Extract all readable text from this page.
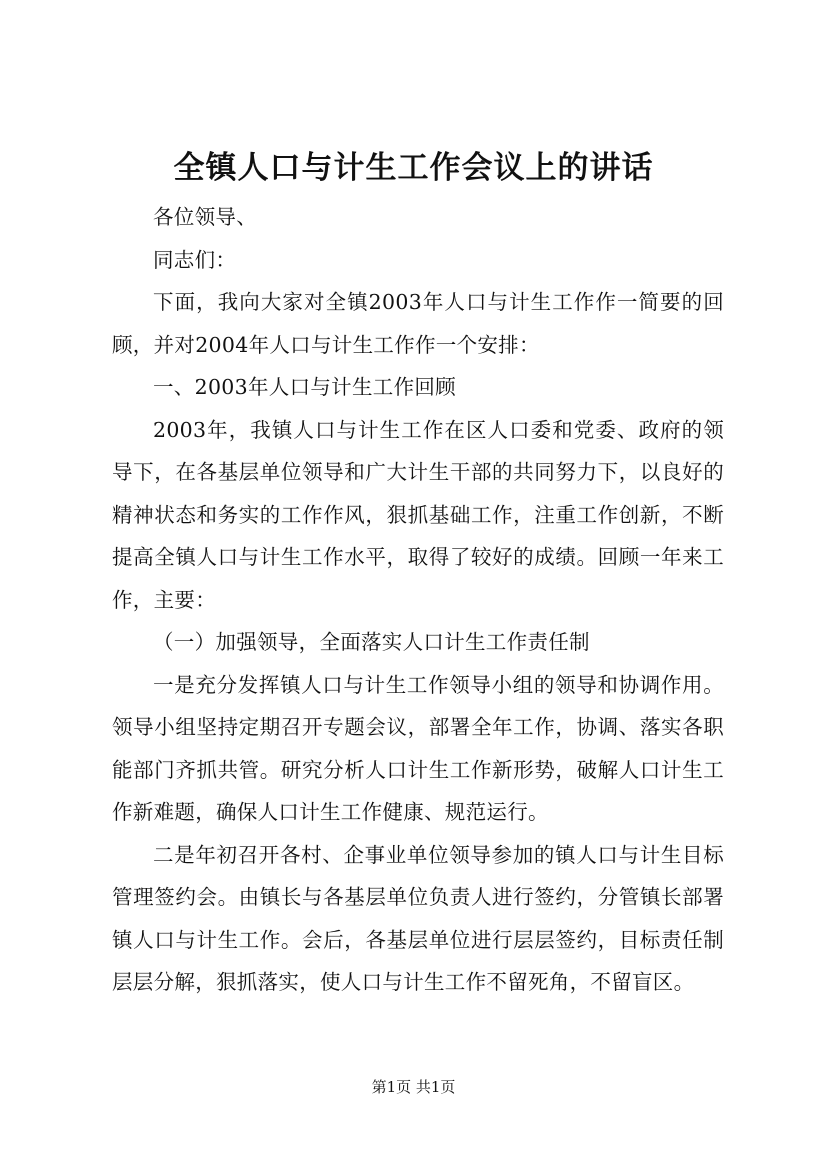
全镇人口与计生工作会议上的讲话

各位领导、

同志们：

下面，我向大家对全镇2003年人口与计生工作作一简要的回顾，并对2004年人口与计生工作作一个安排：

一、2003年人口与计生工作回顾

2003年，我镇人口与计生工作在区人口委和党委、政府的领导下，在各基层单位领导和广大计生干部的共同努力下，以良好的精神状态和务实的工作作风，狠抓基础工作，注重工作创新，不断提高全镇人口与计生工作水平，取得了较好的成绩。回顾一年来工作，主要：

（一）加强领导，全面落实人口计生工作责任制

一是充分发挥镇人口与计生工作领导小组的领导和协调作用。领导小组坚持定期召开专题会议，部署全年工作，协调、落实各职能部门齐抓共管。研究分析人口计生工作新形势，破解人口计生工作新难题，确保人口计生工作健康、规范运行。

二是年初召开各村、企事业单位领导参加的镇人口与计生目标管理签约会。由镇长与各基层单位负责人进行签约，分管镇长部署镇人口与计生工作。会后，各基层单位进行层层签约，目标责任制层层分解，狠抓落实，使人口与计生工作不留死角，不留盲区。

第1页 共1页
